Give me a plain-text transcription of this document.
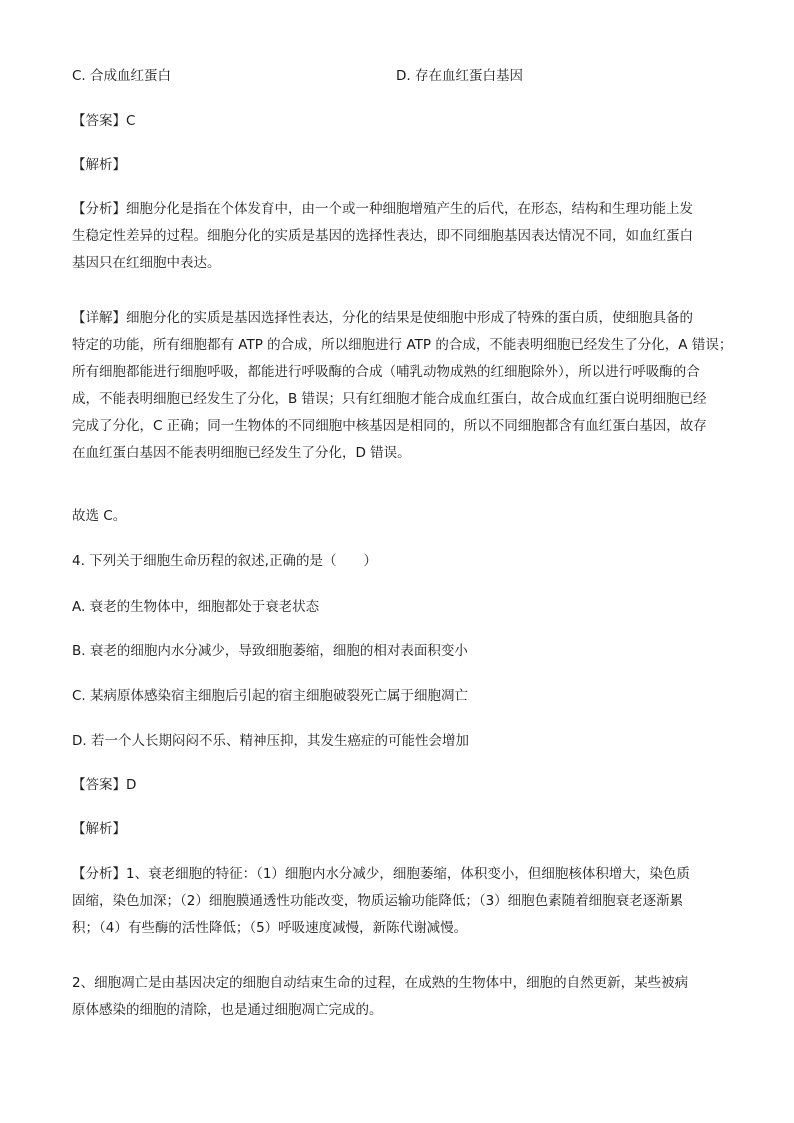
C. 合成血红蛋白	D. 存在血红蛋白基因
【答案】C
【解析】
【分析】细胞分化是指在个体发育中，由一个或一种细胞增殖产生的后代，在形态，结构和生理功能上发
生稳定性差异的过程。细胞分化的实质是基因的选择性表达，即不同细胞基因表达情况不同，如血红蛋白
基因只在红细胞中表达。
【详解】细胞分化的实质是基因选择性表达，分化的结果是使细胞中形成了特殊的蛋白质，使细胞具备的
特定的功能，所有细胞都有 ATP 的合成，所以细胞进行 ATP 的合成，不能表明细胞已经发生了分化，A 错误；
所有细胞都能进行细胞呼吸，都能进行呼吸酶的合成（哺乳动物成熟的红细胞除外），所以进行呼吸酶的合
成，不能表明细胞已经发生了分化，B 错误；只有红细胞才能合成血红蛋白，故合成血红蛋白说明细胞已经
完成了分化，C 正确；同一生物体的不同细胞中核基因是相同的，所以不同细胞都含有血红蛋白基因，故存
在血红蛋白基因不能表明细胞已经发生了分化，D 错误。
故选 C。
4. 下列关于细胞生命历程的叙述,正确的是（　　）
A. 衰老的生物体中，细胞都处于衰老状态
B. 衰老的细胞内水分减少，导致细胞萎缩，细胞的相对表面积变小
C. 某病原体感染宿主细胞后引起的宿主细胞破裂死亡属于细胞凋亡
D. 若一个人长期闷闷不乐、精神压抑，其发生癌症的可能性会增加
【答案】D
【解析】
【分析】1、衰老细胞的特征：（1）细胞内水分减少，细胞萎缩，体积变小，但细胞核体积增大，染色质
固缩，染色加深；（2）细胞膜通透性功能改变，物质运输功能降低；（3）细胞色素随着细胞衰老逐渐累
积；（4）有些酶的活性降低；（5）呼吸速度减慢，新陈代谢减慢。
2、细胞凋亡是由基因决定的细胞自动结束生命的过程，在成熟的生物体中，细胞的自然更新，某些被病
原体感染的细胞的清除，也是通过细胞凋亡完成的。
